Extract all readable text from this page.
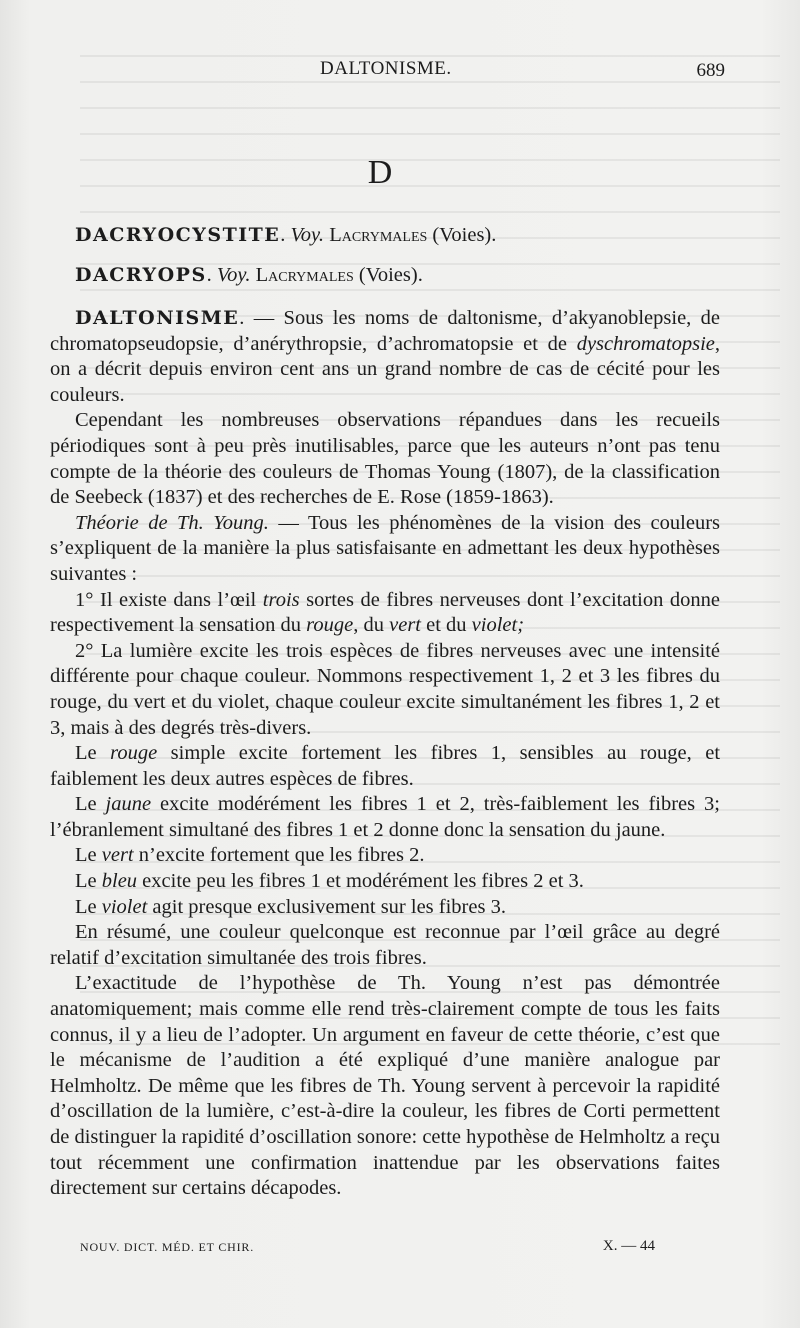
DALTONISME.	689
D
DACRYOCYSTITE. Voy. Lacrymales (Voies).
DACRYOPS. Voy. Lacrymales (Voies).

DALTONISME. — Sous les noms de daltonisme, d’akyanoblepsie, de chromatopseudopsie, d’anérythropsie, d’achromatopsie et de dyschromatopsie, on a décrit depuis environ cent ans un grand nombre de cas de cécité pour les couleurs.

Cependant les nombreuses observations répandues dans les recueils périodiques sont à peu près inutilisables, parce que les auteurs n’ont pas tenu compte de la théorie des couleurs de Thomas Young (1807), de la classification de Seebeck (1837) et des recherches de E. Rose (1859-1863).

Théorie de Th. Young. — Tous les phénomènes de la vision des couleurs s’expliquent de la manière la plus satisfaisante en admettant les deux hypothèses suivantes :

1° Il existe dans l’œil trois sortes de fibres nerveuses dont l’excitation donne respectivement la sensation du rouge, du vert et du violet;

2° La lumière excite les trois espèces de fibres nerveuses avec une intensité différente pour chaque couleur. Nommons respectivement 1, 2 et 3 les fibres du rouge, du vert et du violet, chaque couleur excite simultanément les fibres 1, 2 et 3, mais à des degrés très-divers.

Le rouge simple excite fortement les fibres 1, sensibles au rouge, et faiblement les deux autres espèces de fibres.

Le jaune excite modérément les fibres 1 et 2, très-faiblement les fibres 3; l’ébranlement simultané des fibres 1 et 2 donne donc la sensation du jaune.

Le vert n’excite fortement que les fibres 2.

Le bleu excite peu les fibres 1 et modérément les fibres 2 et 3.

Le violet agit presque exclusivement sur les fibres 3.

En résumé, une couleur quelconque est reconnue par l’œil grâce au degré relatif d’excitation simultanée des trois fibres.

L’exactitude de l’hypothèse de Th. Young n’est pas démontrée anatomiquement; mais comme elle rend très-clairement compte de tous les faits connus, il y a lieu de l’adopter. Un argument en faveur de cette théorie, c’est que le mécanisme de l’audition a été expliqué d’une manière analogue par Helmholtz. De même que les fibres de Th. Young servent à percevoir la rapidité d’oscillation de la lumière, c’est-à-dire la couleur, les fibres de Corti permettent de distinguer la rapidité d’oscillation sonore: cette hypothèse de Helmholtz a reçu tout récemment une confirmation inattendue par les observations faites directement sur certains décapodes.

NOUV. DICT. MÉD. ET CHIR.	X. — 44
